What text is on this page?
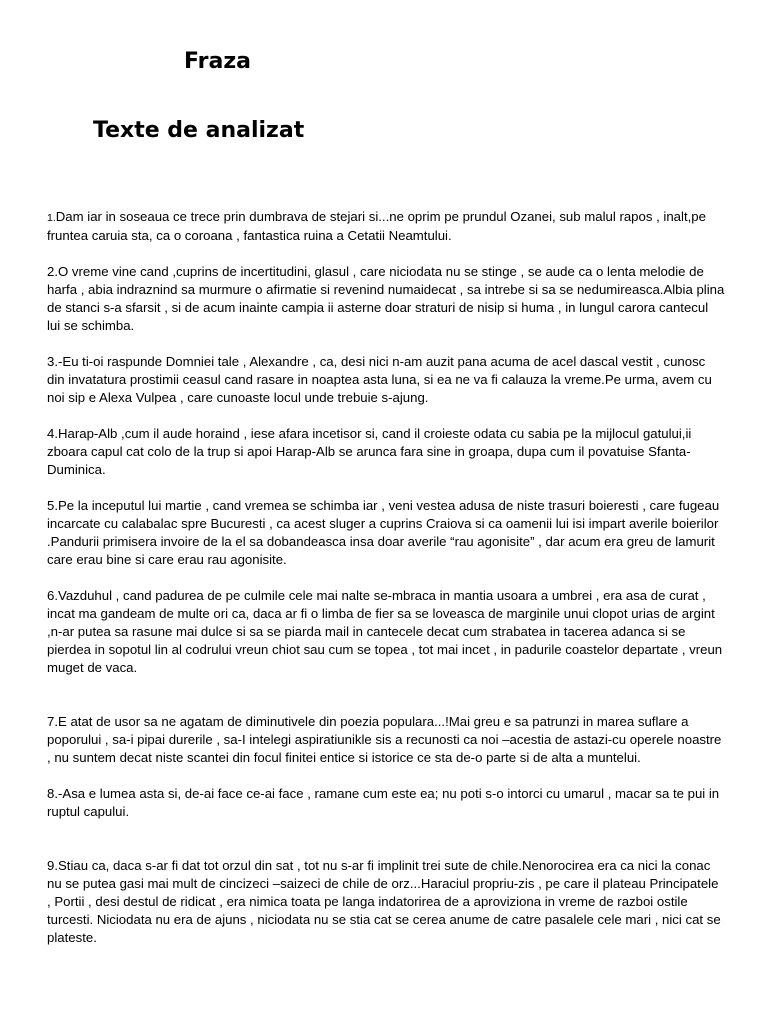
Fraza
Texte de analizat

1.Dam iar in soseaua ce trece prin dumbrava de stejari si...ne oprim pe prundul Ozanei, sub malul rapos , inalt,pe fruntea caruia sta, ca o coroana , fantastica ruina a Cetatii Neamtului.

2.O vreme vine cand ,cuprins de incertitudini, glasul , care niciodata nu se stinge , se aude ca o lenta melodie de harfa , abia indraznind sa murmure o afirmatie si revenind numaidecat , sa intrebe si sa se nedumireasca.Albia plina de stanci s-a sfarsit , si de acum inainte campia ii asterne doar straturi de nisip si huma , in lungul carora cantecul lui se schimba.

3.-Eu ti-oi raspunde Domniei tale , Alexandre , ca, desi nici n-am auzit pana acuma de acel dascal vestit , cunosc din invatatura prostimii ceasul cand rasare in noaptea asta luna, si ea ne va fi calauza la vreme.Pe urma, avem cu noi sip e Alexa Vulpea , care cunoaste locul unde trebuie s-ajung.

4.Harap-Alb ,cum il aude horaind , iese afara incetisor si, cand il croieste odata cu sabia pe la mijlocul gatului,ii zboara capul cat colo de la trup si apoi Harap-Alb se arunca fara sine in groapa, dupa cum il povatuise Sfanta-Duminica.

5.Pe la inceputul lui martie , cand vremea se schimba iar , veni vestea adusa de niste trasuri boieresti , care fugeau incarcate cu calabalac spre Bucuresti , ca acest sluger a cuprins Craiova si ca oamenii lui isi impart averile boierilor .Pandurii primisera invoire de la el sa dobandeasca insa doar averile “rau agonisite” , dar acum era greu de lamurit care erau bine si care erau rau agonisite.

6.Vazduhul , cand padurea de pe culmile cele mai nalte se-mbraca in mantia usoara a umbrei , era asa de curat , incat ma gandeam de multe ori ca, daca ar fi o limba de fier sa se loveasca de marginile unui clopot urias de argint ,n-ar putea sa rasune mai dulce si sa se piarda mail in cantecele decat cum strabatea in tacerea adanca si se pierdea in sopotul lin al codrului vreun chiot sau cum se topea , tot mai incet , in padurile coastelor departate , vreun muget de vaca.

7.E atat de usor sa ne agatam de diminutivele din poezia populara...!Mai greu e sa patrunzi in marea suflare a poporului , sa-i pipai durerile , sa-I intelegi aspiratiunikle sis a recunosti ca noi –acestia de astazi-cu operele noastre , nu suntem decat niste scantei din focul finitei entice si istorice ce sta de-o parte si de alta a muntelui.

8.-Asa e lumea asta si, de-ai face ce-ai face , ramane cum este ea; nu poti s-o intorci cu umarul , macar sa te pui in ruptul capului.

9.Stiau ca, daca s-ar fi dat tot orzul din sat , tot nu s-ar fi implinit trei sute de chile.Nenorocirea era ca nici la conac nu se putea gasi mai mult de cincizeci –saizeci de chile de orz...Haraciul propriu-zis , pe care il plateau Principatele , Portii , desi destul de ridicat , era nimica toata pe langa indatorirea de a aproviziona in vreme de razboi ostile turcesti. Niciodata nu era de ajuns , niciodata nu se stia cat se cerea anume de catre pasalele cele mari , nici cat se plateste.
